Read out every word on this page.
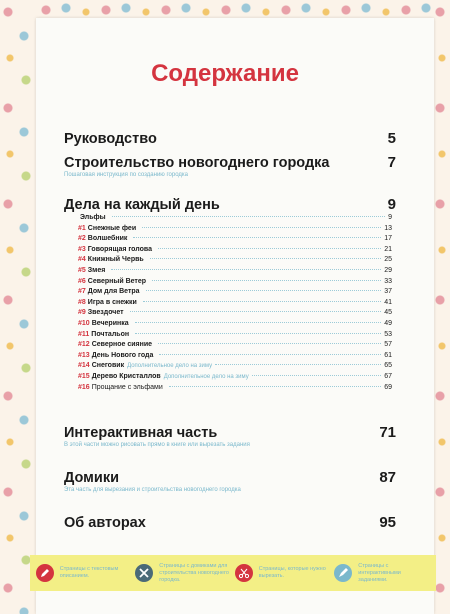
Содержание
Руководство	5
Строительство новогоднего городка	7
Пошаговая инструкция по созданию городка
Дела на каждый день	9
Эльфы	9
#1 Снежные феи	13
#2 Волшебник	17
#3 Говорящая голова	21
#4 Книжный Червь	25
#5 Змея	29
#6 Северный Ветер	33
#7 Дом для Ветра	37
#8 Игра в снежки	41
#9 Звездочет	45
#10 Вечеринка	49
#11 Почтальон	53
#12 Северное сияние	57
#13 День Нового года	61
#14 Снеговик Дополнительное дело на зиму	65
#15 Дерево Кристаллов Дополнительное дело на зиму	67
#16 Прощание с эльфами	69
Интерактивная часть	71
В этой части можно рисовать прямо в книге или вырезать задания
Домики	87
Эта часть для вырезания и строительства новогоднего городка
Об авторах	95
Страницы с текстовым описанием.
Страницы с домиками для строительства новогоднего городка.
Страницы, которые нужно вырезать.
Страницы с интерактивными заданиями.
